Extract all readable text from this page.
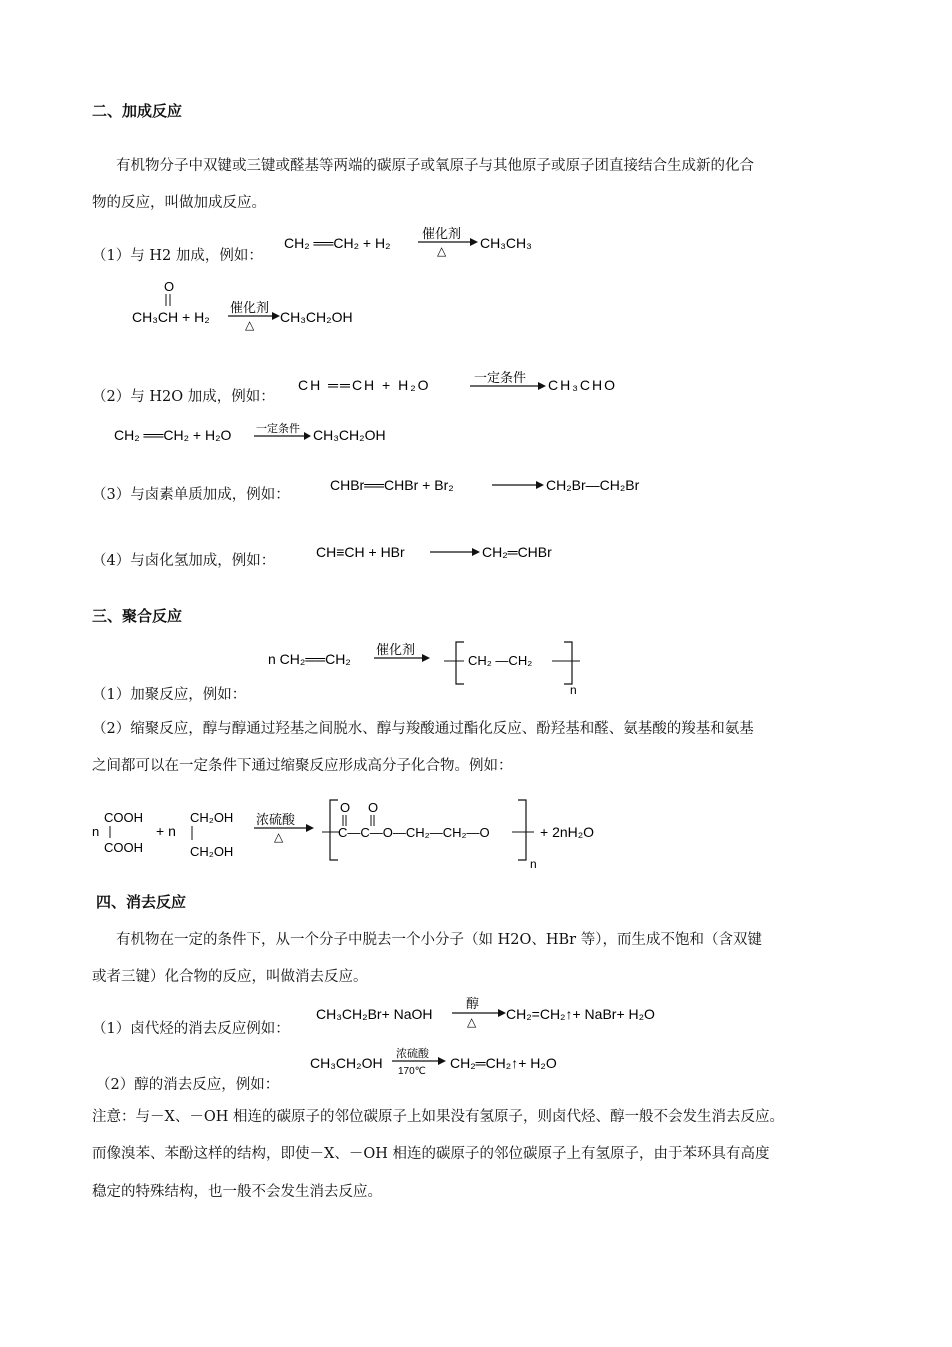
二、加成反应
有机物分子中双键或三键或醛基等两端的碳原子或氧原子与其他原子或原子团直接结合生成新的化合
物的反应，叫做加成反应。
（1）与 H2 加成，例如：
CH₂ ══CH₂ + H₂
催化剂
△ CH₃CH₃
O
CH₃CH + H₂
催化剂
△ CH₃CH₂OH
（2）与 H2O 加成，例如：
CH ══CH + H₂O	一定条件 CH₃CHO
CH₂ ══CH₂ + H₂O 一定条件 CH₃CH₂OH
（3）与卤素单质加成，例如：
CHBr══CHBr + Br₂	CH₂Br—CH₂Br
（4）与卤化氢加成，例如：
CH≡CH + HBr	CH₂═CHBr
三、聚合反应
n CH₂══CH₂
催化剂
CH₂ —CH₂
n
（1）加聚反应，例如：
（2）缩聚反应，醇与醇通过羟基之间脱水、醇与羧酸通过酯化反应、酚羟基和醛、氨基酸的羧基和氨基
之间都可以在一定条件下通过缩聚反应形成高分子化合物。例如：
n
COOH
COOH
+ n
CH₂OH
CH₂OH
浓硫酸
△
O O
C—C—O—CH₂—CH₂—O
n
+ 2nH₂O
四、消去反应
有机物在一定的条件下，从一个分子中脱去一个小分子（如 H2O、HBr 等），而生成不饱和（含双键
或者三键）化合物的反应，叫做消去反应。
（1）卤代烃的消去反应例如：
CH₃CH₂Br+ NaOH
醇
△ CH₂=CH₂↑+ NaBr+ H₂O
CH₃CH₂OH
浓硫酸
170℃
CH₂═CH₂↑+ H₂O
（2）醇的消去反应，例如：
注意：与－X、－OH 相连的碳原子的邻位碳原子上如果没有氢原子，则卤代烃、醇一般不会发生消去反应。
而像溴苯、苯酚这样的结构，即使－X、－OH 相连的碳原子的邻位碳原子上有氢原子，由于苯环具有高度
稳定的特殊结构，也一般不会发生消去反应。
